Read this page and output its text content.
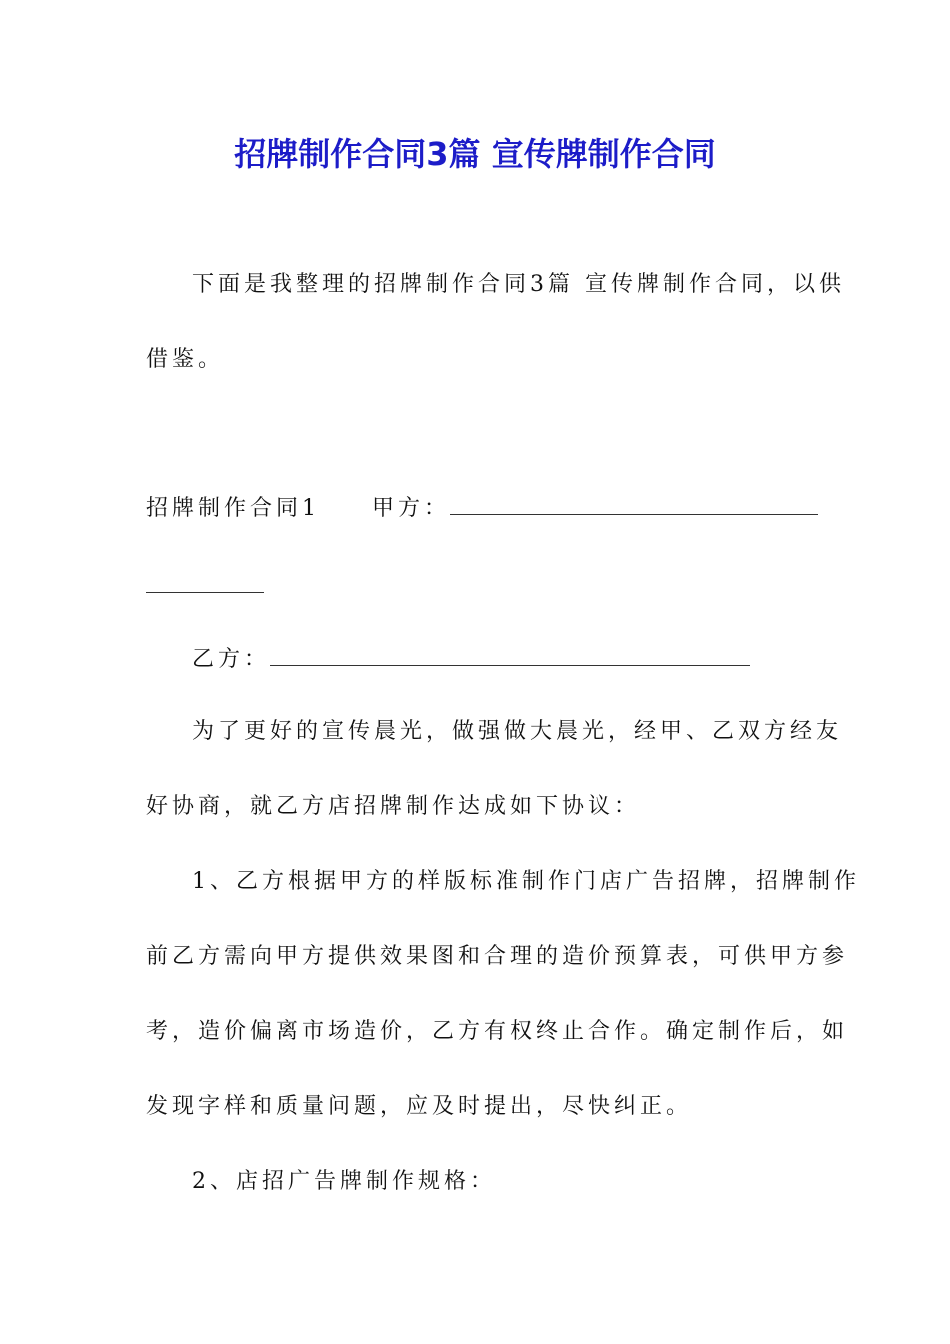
招牌制作合同3篇 宣传牌制作合同
下面是我整理的招牌制作合同3篇 宣传牌制作合同，以供
借鉴。
招牌制作合同1 甲方：
乙方：
为了更好的宣传晨光，做强做大晨光，经甲、乙双方经友
好协商，就乙方店招牌制作达成如下协议：
1、乙方根据甲方的样版标准制作门店广告招牌，招牌制作
前乙方需向甲方提供效果图和合理的造价预算表，可供甲方参
考，造价偏离市场造价，乙方有权终止合作。确定制作后，如
发现字样和质量问题，应及时提出，尽快纠正。
2、店招广告牌制作规格：
